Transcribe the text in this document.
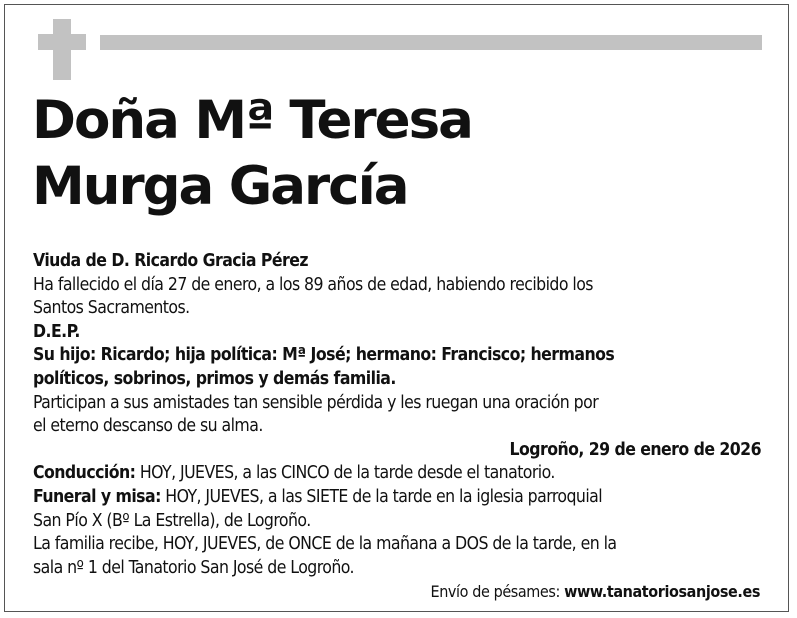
Doña Mª Teresa
Murga García
Viuda de D. Ricardo Gracia Pérez
Ha fallecido el día 27 de enero, a los 89 años de edad, habiendo recibido los
Santos Sacramentos.
D.E.P.
Su hijo: Ricardo; hija política: Mª José; hermano: Francisco; hermanos
políticos, sobrinos, primos y demás familia.
Participan a sus amistades tan sensible pérdida y les ruegan una oración por
el eterno descanso de su alma.
Logroño, 29 de enero de 2026
Conducción: HOY, JUEVES, a las CINCO de la tarde desde el tanatorio.
Funeral y misa: HOY, JUEVES, a las SIETE de la tarde en la iglesia parroquial
San Pío X (Bº La Estrella), de Logroño.
La familia recibe, HOY, JUEVES, de ONCE de la mañana a DOS de la tarde, en la
sala nº 1 del Tanatorio San José de Logroño.
Envío de pésames: www.tanatoriosanjose.es
